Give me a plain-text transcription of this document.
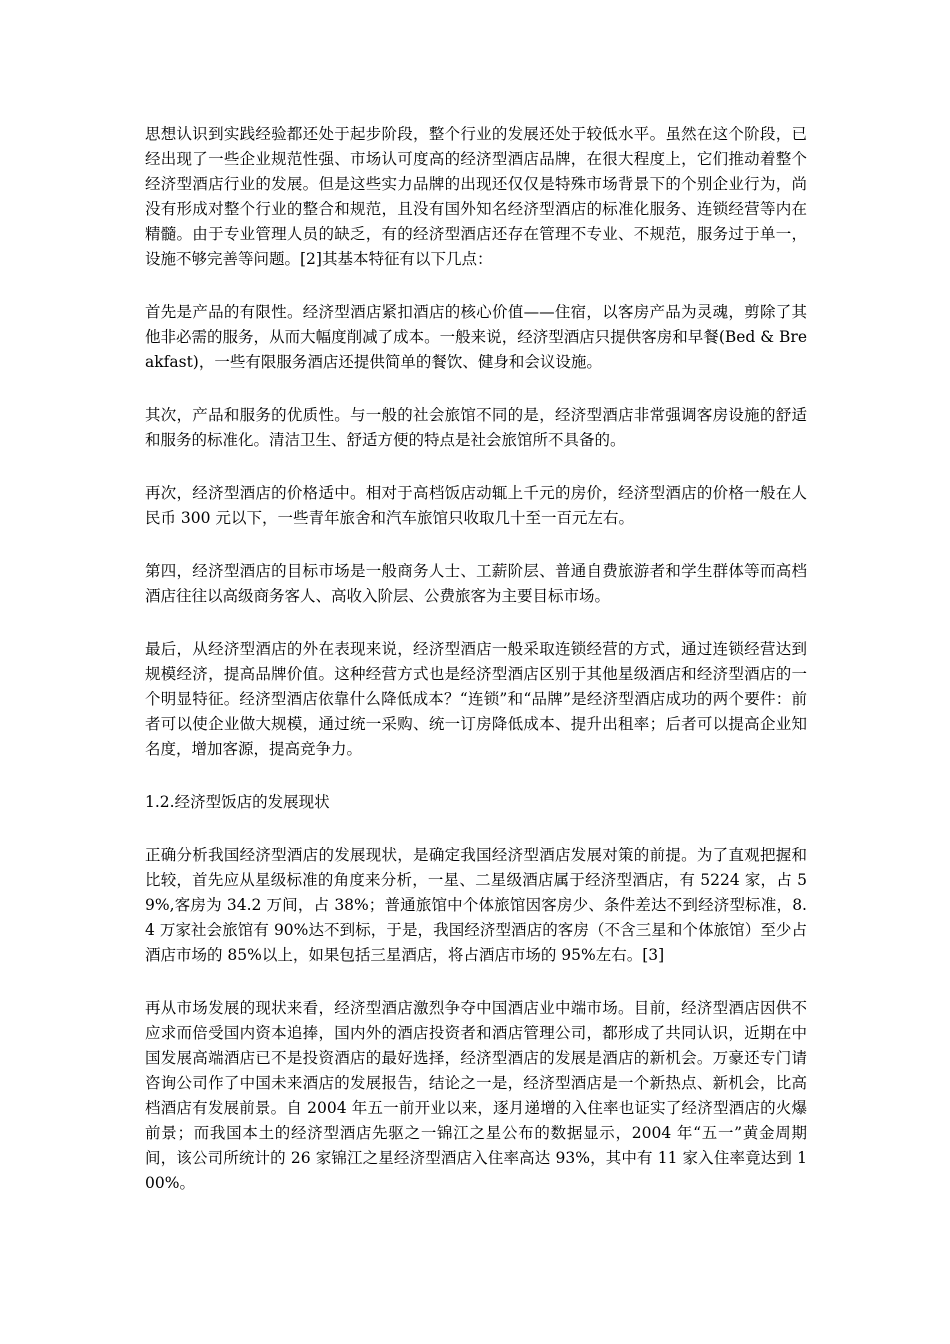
思想认识到实践经验都还处于起步阶段，整个行业的发展还处于较低水平。虽然在这个阶段，已经出现了一些企业规范性强、市场认可度高的经济型酒店品牌，在很大程度上，它们推动着整个经济型酒店行业的发展。但是这些实力品牌的出现还仅仅是特殊市场背景下的个别企业行为，尚没有形成对整个行业的整合和规范，且没有国外知名经济型酒店的标准化服务、连锁经营等内在精髓。由于专业管理人员的缺乏，有的经济型酒店还存在管理不专业、不规范，服务过于单一，设施不够完善等问题。[2]其基本特征有以下几点：

首先是产品的有限性。经济型酒店紧扣酒店的核心价值——住宿，以客房产品为灵魂，剪除了其他非必需的服务，从而大幅度削减了成本。一般来说，经济型酒店只提供客房和早餐(Bed & Breakfast)，一些有限服务酒店还提供简单的餐饮、健身和会议设施。

其次，产品和服务的优质性。与一般的社会旅馆不同的是，经济型酒店非常强调客房设施的舒适和服务的标准化。清洁卫生、舒适方便的特点是社会旅馆所不具备的。

再次，经济型酒店的价格适中。相对于高档饭店动辄上千元的房价，经济型酒店的价格一般在人民币 300 元以下，一些青年旅舍和汽车旅馆只收取几十至一百元左右。

第四，经济型酒店的目标市场是一般商务人士、工薪阶层、普通自费旅游者和学生群体等而高档酒店往往以高级商务客人、高收入阶层、公费旅客为主要目标市场。

最后，从经济型酒店的外在表现来说，经济型酒店一般采取连锁经营的方式，通过连锁经营达到规模经济，提高品牌价值。这种经营方式也是经济型酒店区别于其他星级酒店和经济型酒店的一个明显特征。经济型酒店依靠什么降低成本？“连锁”和“品牌”是经济型酒店成功的两个要件：前者可以使企业做大规模，通过统一采购、统一订房降低成本、提升出租率；后者可以提高企业知名度，增加客源，提高竞争力。

1.2.经济型饭店的发展现状

正确分析我国经济型酒店的发展现状，是确定我国经济型酒店发展对策的前提。为了直观把握和比较，首先应从星级标准的角度来分析，一星、二星级酒店属于经济型酒店，有 5224 家，占 59%,客房为 34.2 万间，占 38%；普通旅馆中个体旅馆因客房少、条件差达不到经济型标准，8.4 万家社会旅馆有 90%达不到标，于是，我国经济型酒店的客房（不含三星和个体旅馆）至少占酒店市场的 85%以上，如果包括三星酒店，将占酒店市场的 95%左右。[3]

再从市场发展的现状来看，经济型酒店激烈争夺中国酒店业中端市场。目前，经济型酒店因供不应求而倍受国内资本追捧，国内外的酒店投资者和酒店管理公司，都形成了共同认识，近期在中国发展高端酒店已不是投资酒店的最好选择，经济型酒店的发展是酒店的新机会。万豪还专门请咨询公司作了中国未来酒店的发展报告，结论之一是，经济型酒店是一个新热点、新机会，比高档酒店有发展前景。自 2004 年五一前开业以来，逐月递增的入住率也证实了经济型酒店的火爆前景；而我国本土的经济型酒店先驱之一锦江之星公布的数据显示，2004 年“五一”黄金周期间，该公司所统计的 26 家锦江之星经济型酒店入住率高达 93%，其中有 11 家入住率竟达到 100%。
